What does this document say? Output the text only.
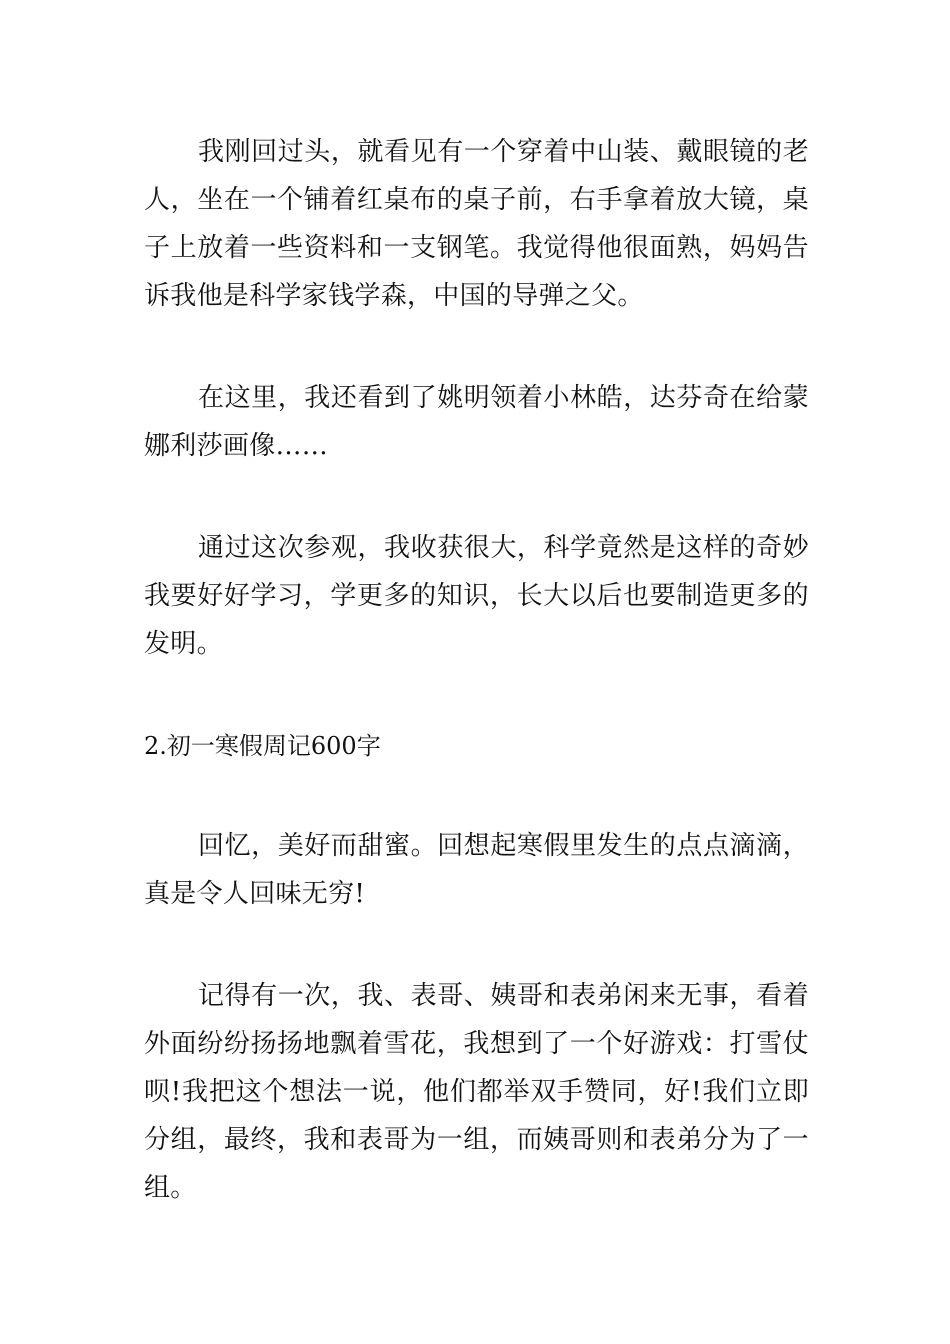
我刚回过头，就看见有一个穿着中山装、戴眼镜的老人，坐在一个铺着红桌布的桌子前，右手拿着放大镜，桌子上放着一些资料和一支钢笔。我觉得他很面熟，妈妈告诉我他是科学家钱学森，中国的导弹之父。

在这里，我还看到了姚明领着小林皓，达芬奇在给蒙娜利莎画像……

通过这次参观，我收获很大，科学竟然是这样的奇妙我要好好学习，学更多的知识，长大以后也要制造更多的发明。

2.初一寒假周记600字

回忆，美好而甜蜜。回想起寒假里发生的点点滴滴，真是令人回味无穷!

记得有一次，我、表哥、姨哥和表弟闲来无事，看着外面纷纷扬扬地飘着雪花，我想到了一个好游戏：打雪仗呗!我把这个想法一说，他们都举双手赞同，好!我们立即分组，最终，我和表哥为一组，而姨哥则和表弟分为了一组。
